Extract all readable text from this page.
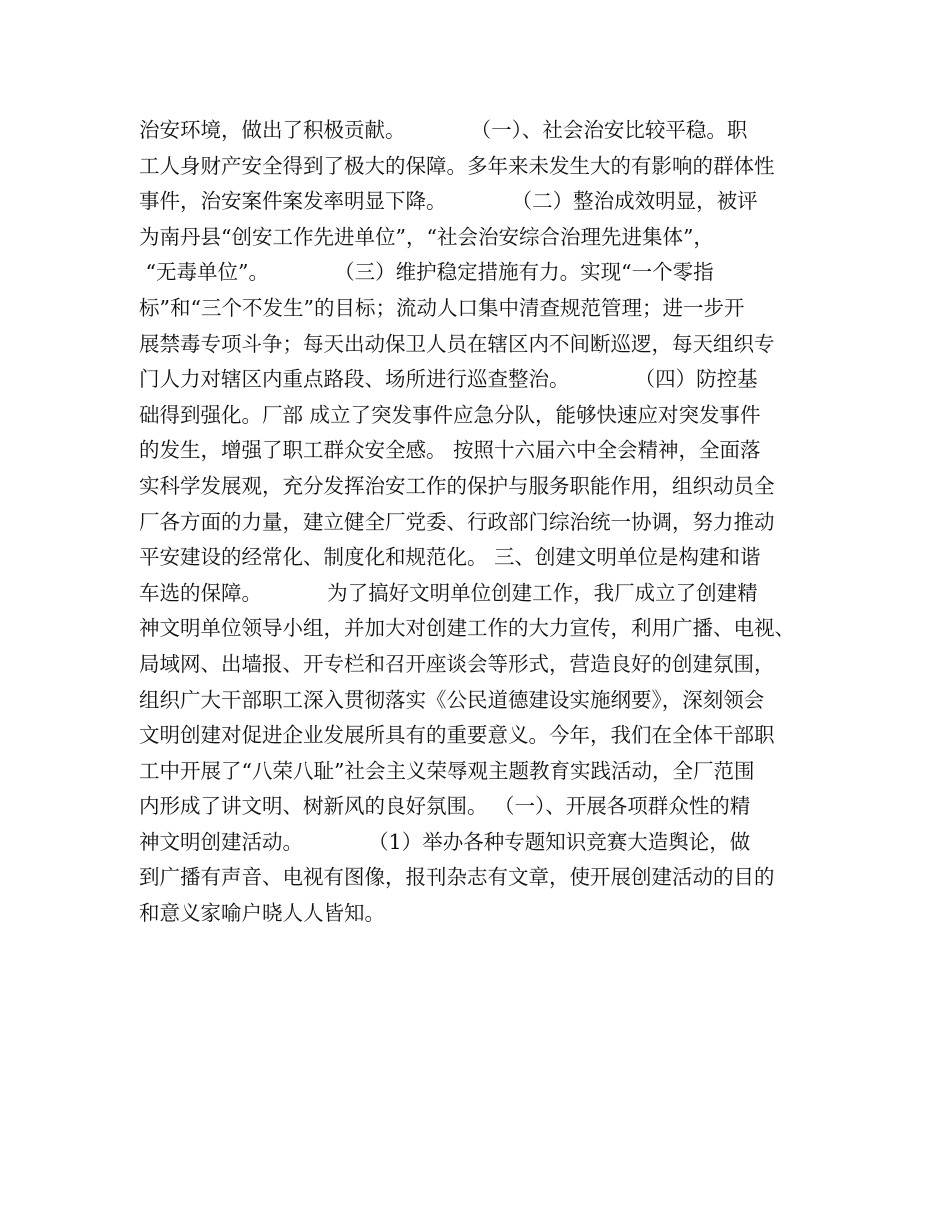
治安环境，做出了积极贡献。          （一）、社会治安比较平稳。职
工人身财产安全得到了极大的保障。多年来未发生大的有影响的群体性
事件，治安案件案发率明显下降。          （二）整治成效明显，被评
为南丹县“创安工作先进单位”，“社会治安综合治理先进集体”，
“无毒单位”。          （三）维护稳定措施有力。实现“一个零指
标”和“三个不发生”的目标；流动人口集中清查规范管理；进一步开
展禁毒专项斗争；每天出动保卫人员在辖区内不间断巡逻，每天组织专
门人力对辖区内重点路段、场所进行巡查整治。          （四）防控基
础得到强化。厂部 成立了突发事件应急分队，能够快速应对突发事件
的发生，增强了职工群众安全感。 按照十六届六中全会精神，全面落
实科学发展观，充分发挥治安工作的保护与服务职能作用，组织动员全
厂各方面的力量，建立健全厂党委、行政部门综治统一协调，努力推动
平安建设的经常化、制度化和规范化。 三、创建文明单位是构建和谐
车选的保障。          为了搞好文明单位创建工作，我厂成立了创建精
神文明单位领导小组，并加大对创建工作的大力宣传，利用广播、电视、
局域网、出墙报、开专栏和召开座谈会等形式，营造良好的创建氛围，
组织广大干部职工深入贯彻落实《公民道德建设实施纲要》，深刻领会
文明创建对促进企业发展所具有的重要意义。今年，我们在全体干部职
工中开展了“八荣八耻”社会主义荣辱观主题教育实践活动，全厂范围
内形成了讲文明、树新风的良好氛围。 （一）、开展各项群众性的精
神文明创建活动。          （1）举办各种专题知识竞赛大造舆论，做
到广播有声音、电视有图像，报刊杂志有文章，使开展创建活动的目的
和意义家喻户晓人人皆知。
